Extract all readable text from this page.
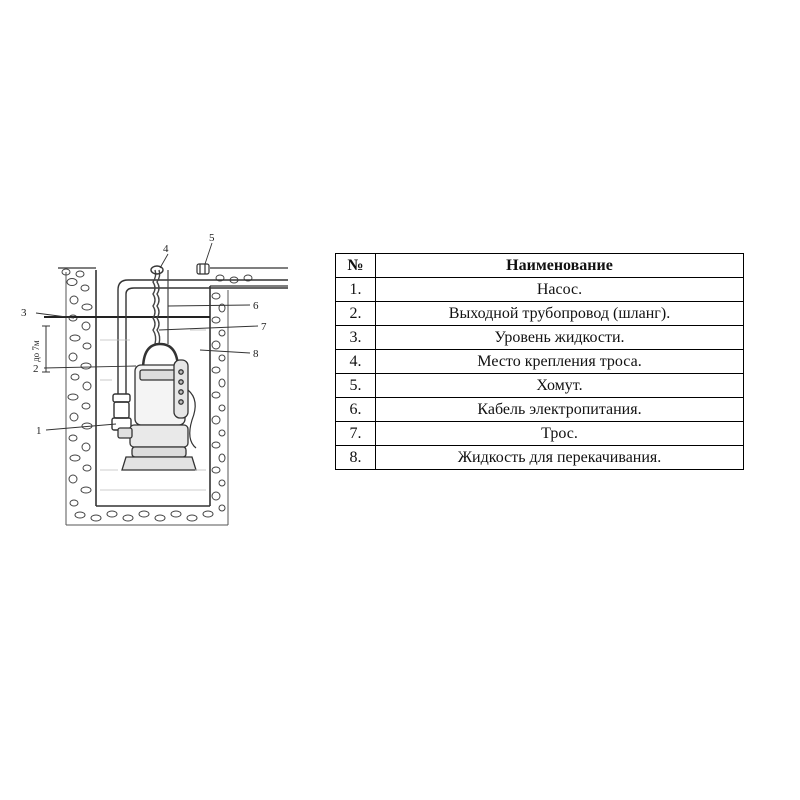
до 7м
1
2
3
4
5
6
7
8
№	Наименование
1.	Насос.
2.	Выходной трубопровод (шланг).
3.	Уровень жидкости.
4.	Место крепления троса.
5.	Хомут.
6.	Кабель электропитания.
7.	Трос.
8.	Жидкость для перекачивания.
